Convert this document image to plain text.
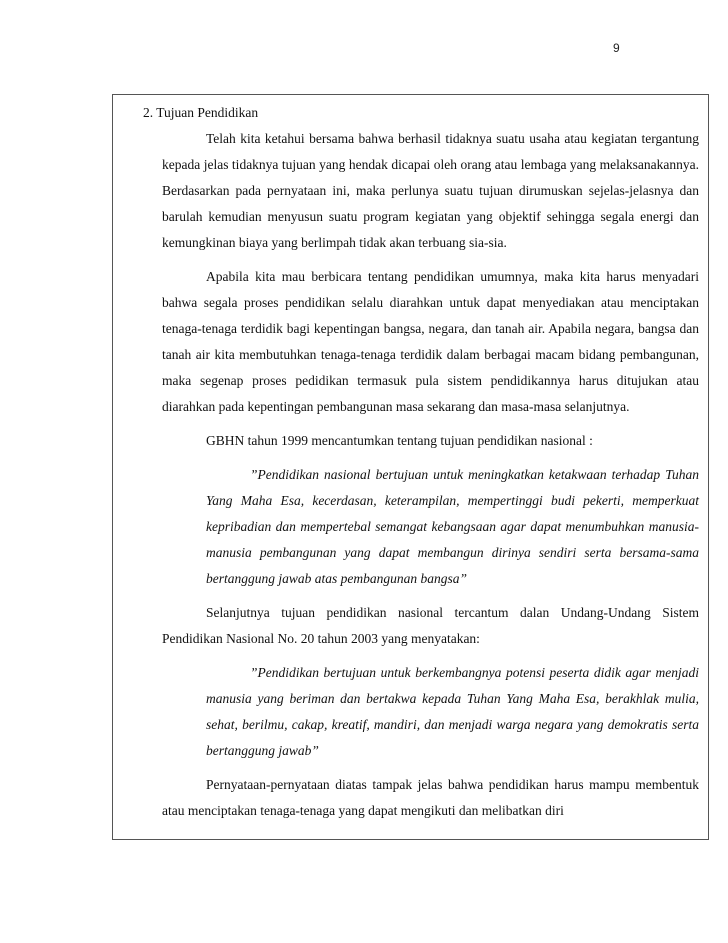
9
2. Tujuan Pendidikan

Telah kita ketahui bersama bahwa berhasil tidaknya suatu usaha atau kegiatan tergantung kepada jelas tidaknya tujuan yang hendak dicapai oleh orang atau lembaga yang melaksanakannya. Berdasarkan pada pernyataan ini, maka perlunya suatu tujuan dirumuskan sejelas-jelasnya dan barulah kemudian menyusun suatu program kegiatan yang objektif sehingga segala energi dan kemungkinan biaya yang berlimpah tidak akan terbuang sia-sia.

Apabila kita mau berbicara tentang pendidikan umumnya, maka kita harus menyadari bahwa segala proses pendidikan selalu diarahkan untuk dapat menyediakan atau menciptakan tenaga-tenaga terdidik bagi kepentingan bangsa, negara, dan tanah air. Apabila negara, bangsa dan tanah air kita membutuhkan tenaga-tenaga terdidik dalam berbagai macam bidang pembangunan, maka segenap proses pedidikan termasuk pula sistem pendidikannya harus ditujukan atau diarahkan pada kepentingan pembangunan masa sekarang dan masa-masa selanjutnya.

GBHN tahun 1999 mencantumkan tentang tujuan pendidikan nasional :

”Pendidikan nasional bertujuan untuk meningkatkan ketakwaan terhadap Tuhan Yang Maha Esa, kecerdasan, keterampilan, mempertinggi budi pekerti, memperkuat kepribadian dan mempertebal semangat kebangsaan agar dapat menumbuhkan manusia-manusia pembangunan yang dapat membangun dirinya sendiri serta bersama-sama bertanggung jawab atas pembangunan bangsa”

Selanjutnya tujuan pendidikan nasional tercantum dalan Undang-Undang Sistem Pendidikan Nasional No. 20 tahun 2003 yang menyatakan:

”Pendidikan bertujuan untuk berkembangnya potensi peserta didik agar menjadi manusia yang beriman dan bertakwa kepada Tuhan Yang Maha Esa, berakhlak mulia, sehat, berilmu, cakap, kreatif, mandiri, dan menjadi warga negara yang demokratis serta bertanggung jawab”

Pernyataan-pernyataan diatas tampak jelas bahwa pendidikan harus mampu membentuk atau menciptakan tenaga-tenaga yang dapat mengikuti dan melibatkan diri
